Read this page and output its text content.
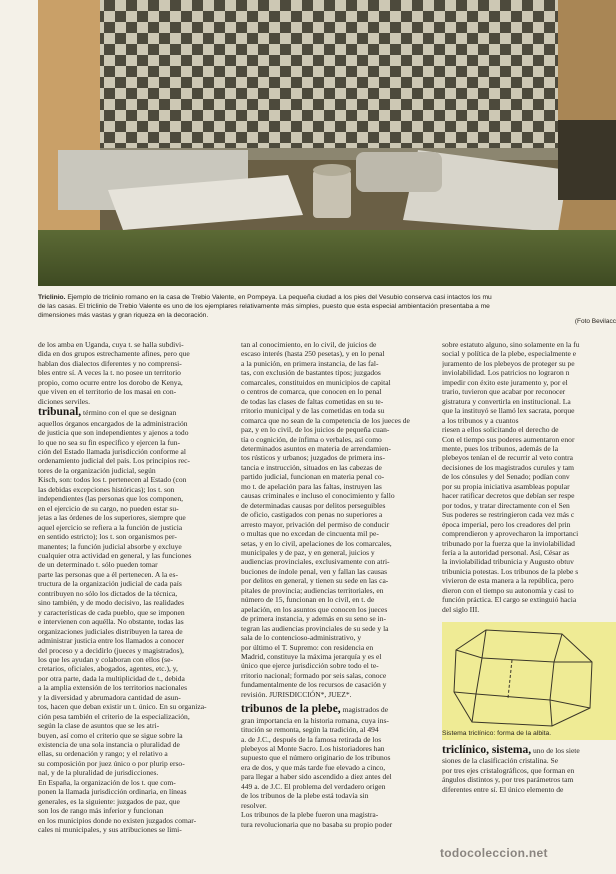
Triclinio. Ejemplo de triclinio romano en la casa de Trebio Valente, en Pompeya. La pequeña ciudad a los pies del Vesubio conserva casi intactos los mu
de las casas. El triclinio de Trebio Valente es uno de los ejemplares relativamente más simples, puesto que esta especial ambientación presentaba a me
dimensiones más vastas y gran riqueza en la decoración.
(Foto Bevilacc

de los amba en Uganda, cuya t. se halla subdivi-

dida en dos grupos estrechamente afines, pero que

hablan dos dialectos diferentes y no comprensi-

bles entre sí. A veces la t. no posee un territorio

propio, como ocurre entre los dorobo de Kenya,

que viven en el territorio de los masai en con-

diciones serviles.

tribunal, término con el que se designan

aquellos órganos encargados de la administración

de justicia que son independientes y ajenos a todo

lo que no sea su fin específico y ejercen la fun-

ción del Estado llamada jurisdicción conforme al

ordenamiento judicial del país. Los principios rec-

tores de la organización judicial, según

Kisch, son: todos los t. pertenecen al Estado (con

las debidas excepciones históricas); los t. son

independientes (las personas que los componen,

en el ejercicio de su cargo, no pueden estar su-

jetas a las órdenes de los superiores, siempre que

aquel ejercicio se refiera a la función de justicia

en sentido estricto); los t. son organismos per-

manentes; la función judicial absorbe y excluye

cualquier otra actividad en general, y las funciones

de un determinado t. sólo pueden tomar

parte las personas que a él pertenecen. A la es-

tructura de la organización judicial de cada país

contribuyen no sólo los dictados de la técnica,

sino también, y de modo decisivo, las realidades

y características de cada pueblo, que se imponen

e intervienen con aquélla. No obstante, todas las

organizaciones judiciales distribuyen la tarea de

administrar justicia entre los llamados a conocer

del proceso y a decidirlo (jueces y magistrados),

los que les ayudan y colaboran con ellos (se-

cretarios, oficiales, abogados, agentes, etc.), y,

por otra parte, dada la multiplicidad de t., debida

a la amplia extensión de los territorios nacionales

y la diversidad y abrumadora cantidad de asun-

tos, hacen que deban existir un t. único. En su organiza-

ción pesa también el criterio de la especialización,

según la clase de asuntos que se les atri-

buyen, así como el criterio que se sigue sobre la

existencia de una sola instancia o pluralidad de

ellas, su ordenación y rango; y el relativo a

su composición por juez único o por plurip erso-

nal, y de la pluralidad de jurisdicciones.

En España, la organización de los t. que com-

ponen la llamada jurisdicción ordinaria, en líneas

generales, es la siguiente: juzgados de paz, que

son los de rango más inferior y funcionan

en los municipios donde no existen juzgados comar-

cales ni municipales, y sus atribuciones se limi-

tan al conocimiento, en lo civil, de juicios de

escaso interés (hasta 250 pesetas), y en lo penal

a la punición, en primera instancia, de las fal-

tas, con exclusión de bastantes tipos; juzgados

comarcales, constituidos en municipios de capital

o centros de comarca, que conocen en lo penal

de todas las clases de faltas cometidas en su te-

rritorio municipal y de las cometidas en toda su

comarca que no sean de la competencia de los jueces de

paz, y en lo civil, de los juicios de pequeña cuan-

tía o cognición, de ínfima o verbales, así como

determinados asuntos en materia de arrendamien-

tos rústicos y urbanos; juzgados de primera ins-

tancia e instrucción, situados en las cabezas de

partido judicial, funcionan en materia penal co-

mo t. de apelación para las faltas, instruyen las

causas criminales e incluso el conocimiento y fallo

de determinadas causas por delitos perseguibles

de oficio, castigados con penas no superiores a

arresto mayor, privación del permiso de conducir

o multas que no excedan de cincuenta mil pe-

setas, y en lo civil, apelaciones de los comarcales,

municipales y de paz, y en general, juicios y

audiencias provinciales, exclusivamente con atri-

buciones de índole penal, ven y fallan las causas

por delitos en general, y tienen su sede en las ca-

pitales de provincia; audiencias territoriales, en

número de 15, funcionan en lo civil, en t. de

apelación, en los asuntos que conocen los jueces

de primera instancia, y además en su seno se in-

tegran las audiencias provinciales de su sede y la

sala de lo contencioso-administrativo, y

por último el T. Supremo: con residencia en

Madrid, constituye la máxima jerarquía y es el

único que ejerce jurisdicción sobre todo el te-

rritorio nacional; formado por seis salas, conoce

fundamentalmente de los recursos de casación y

revisión. JURISDICCIÓN*, JUEZ*.

tribunos de la plebe, magistrados de

gran importancia en la historia romana, cuya ins-

titución se remonta, según la tradición, al 494

a. de J.C., después de la famosa retirada de los

plebeyos al Monte Sacro. Los historiadores han

supuesto que el número originario de los tribunos

era de dos, y que más tarde fue elevado a cinco,

para llegar a haber sido ascendido a diez antes del

449 a. de J.C. El problema del verdadero origen

de los tribunos de la plebe está todavía sin

resolver.

Los tribunos de la plebe fueron una magistra-

tura revolucionaria que no basaba su propio poder

sobre estatuto alguno, sino solamente en la fu

social y política de la plebe, especialmente e

juramento de los plebeyos de proteger su pe

inviolabilidad. Los patricios no lograron n

impedir con éxito este juramento y, por el

trario, tuvieron que acabar por reconocer

gistratura y convertirla en institucional. La

que la instituyó se llamó lex sacrata, porque

a los tribunos y a cuantos

riesen a ellos solicitando el derecho de

Con el tiempo sus poderes aumentaron enor

mente, pues los tribunos, además de la

plebeyos tenían el de recurrir al veto contra

decisiones de los magistrados curules y tam

de los cónsules y del Senado; podían conv

por su propia iniciativa asambleas popular

hacer ratificar decretos que debían ser respe

por todos, y tratar directamente con el Sen

Sus poderes se restringieron cada vez más c

época imperial, pero los creadores del prin

comprendieron y aprovecharon la importanci

tribunado por la fuerza que la inviolabilidad

fería a la autoridad personal. Así, César as

la inviolabilidad tribunicia y Augusto obtuv

tribunicia potestas. Los tribunos de la plebe s

vivieron de esta manera a la república, pero

dieron con el tiempo su autonomía y casi to

función práctica. El cargo se extinguió hacia

del siglo III.

Sistema triclínico: forma de la albita.
triclínico, sistema, uno de los siete

siones de la clasificación cristalina. Se

por tres ejes cristalográficos, que forman en

ángulos distintos y, por tres parámetros tam

diferentes entre sí. El único elemento de

todocoleccion.net
